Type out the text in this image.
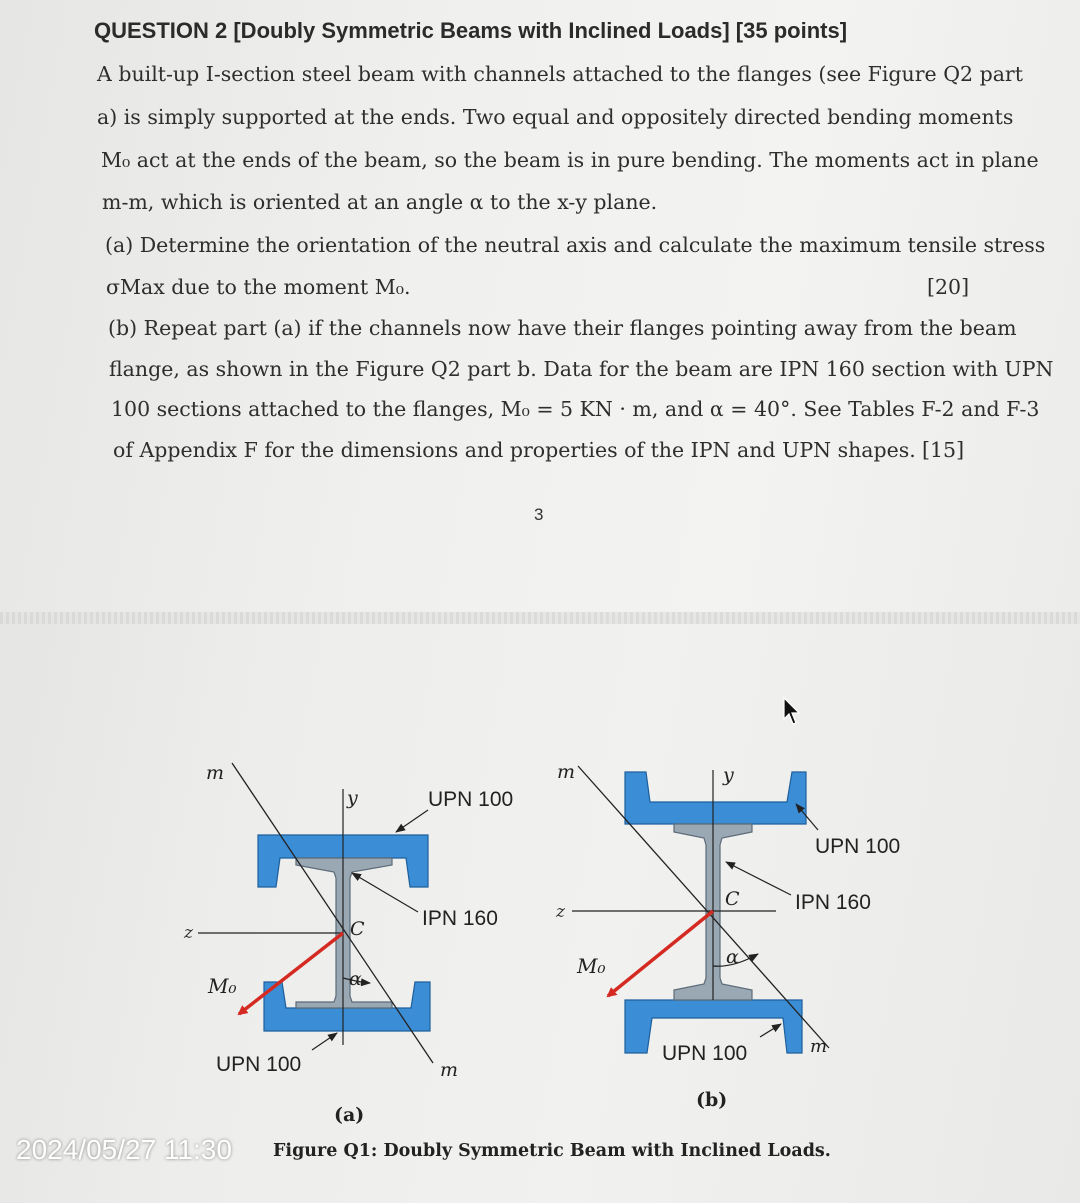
QUESTION 2 [Doubly Symmetric Beams with Inclined Loads] [35 points]
A built-up I-section steel beam with channels attached to the flanges (see Figure Q2 part
a) is simply supported at the ends. Two equal and oppositely directed bending moments
M₀ act at the ends of the beam, so the beam is in pure bending. The moments act in plane
m-m, which is oriented at an angle α to the x-y plane.
(a) Determine the orientation of the neutral axis and calculate the maximum tensile stress
σMax due to the moment M₀.	[20]
(b) Repeat part (a) if the channels now have their flanges pointing away from the beam
flange, as shown in the Figure Q2 part b. Data for the beam are IPN 160 section with UPN
100 sections attached to the flanges, M₀ = 5 KN · m, and α = 40°. See Tables F-2 and F-3
of Appendix F for the dimensions and properties of the IPN and UPN shapes. [15]
3
m
y	UPN 100
IPN 160
z	C
α
M₀
UPN 100	m
(a)
m	y
UPN 100
IPN 160
z
C
α
M₀
UPN 100	m
(b)
2024/05/27 11:30 Figure Q1: Doubly Symmetric Beam with Inclined Loads.
